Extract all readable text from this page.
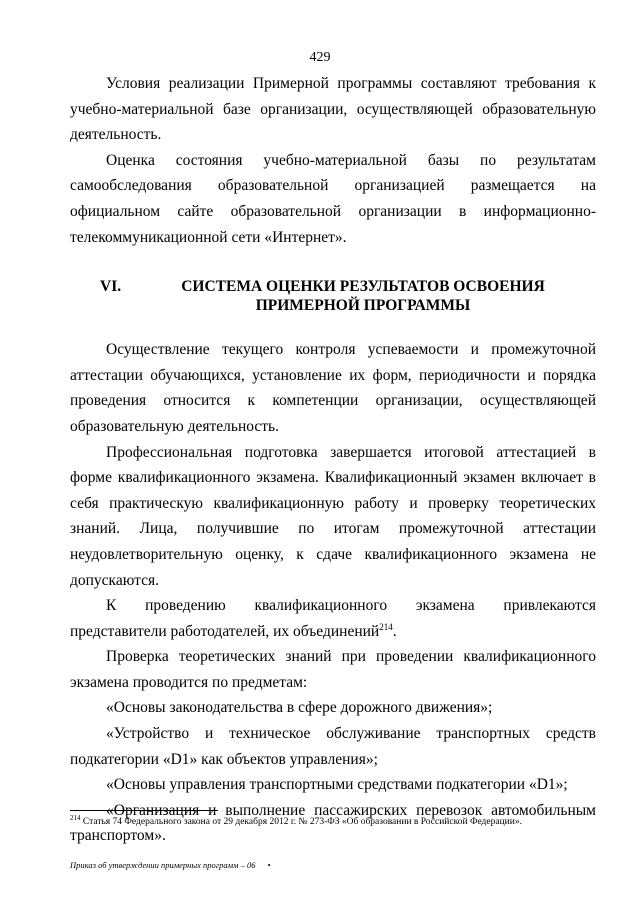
429

Условия реализации Примерной программы составляют требования к учебно-материальной базе организации, осуществляющей образовательную деятельность.

Оценка состояния учебно-материальной базы по результатам самообследования образовательной организацией размещается на официальном сайте образовательной организации в информационно-телекоммуникационной сети «Интернет».

VI.	СИСТЕМА ОЦЕНКИ РЕЗУЛЬТАТОВ ОСВОЕНИЯ ПРИМЕРНОЙ ПРОГРАММЫ

Осуществление текущего контроля успеваемости и промежуточной аттестации обучающихся, установление их форм, периодичности и порядка проведения относится к компетенции организации, осуществляющей образовательную деятельность.

Профессиональная подготовка завершается итоговой аттестацией в форме квалификационного экзамена. Квалификационный экзамен включает в себя практическую квалификационную работу и проверку теоретических знаний. Лица, получившие по итогам промежуточной аттестации неудовлетворительную оценку, к сдаче квалификационного экзамена не допускаются.

К проведению квалификационного экзамена привлекаются представители работодателей, их объединений$^{214}$.

Проверка теоретических знаний при проведении квалификационного экзамена проводится по предметам:

«Основы законодательства в сфере дорожного движения»;

«Устройство и техническое обслуживание транспортных средств подкатегории «D1» как объектов управления»;

«Основы управления транспортными средствами подкатегории «D1»;

«Организация и выполнение пассажирских перевозок автомобильным транспортом».

$^{214}$ Статья 74 Федерального закона от 29 декабря 2012 г. № 273-ФЗ «Об образовании в Российской Федерации».
Приказ об утверждении примерных программ – 06 •
